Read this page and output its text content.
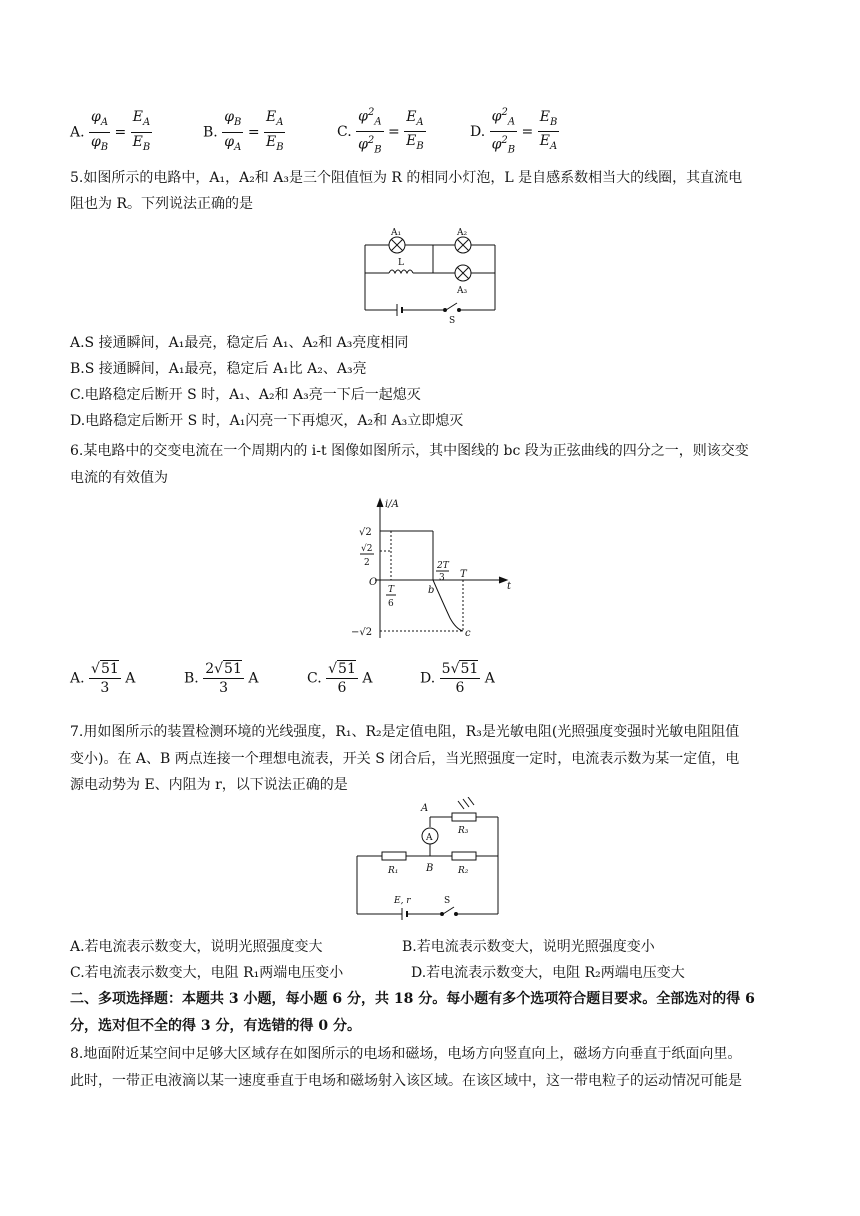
A. $\frac{\varphi_A}{\varphi_B} = \frac{E_A}{E_B}$	B. $\frac{\varphi_B}{\varphi_A} = \frac{E_A}{E_B}$	C. $\frac{\varphi^2_A}{\varphi^2_B} = \frac{E_A}{E_B}$	D. $\frac{\varphi^2_A}{\varphi^2_B} = \frac{E_B}{E_A}$
5.如图所示的电路中，A₁，A₂和 A₃是三个阻值恒为 R 的相同小灯泡，L 是自感系数相当大的线圈，其直流电
阻也为 R。下列说法正确的是
A₁	A₂
A₃
L
S
A.S 接通瞬间，A₁最亮，稳定后 A₁、A₂和 A₃亮度相同
B.S 接通瞬间，A₁最亮，稳定后 A₁比 A₂、A₃亮
C.电路稳定后断开 S 时，A₁、A₂和 A₃亮一下后一起熄灭
D.电路稳定后断开 S 时，A₁闪亮一下再熄灭，A₂和 A₃立即熄灭
6.某电路中的交变电流在一个周期内的 i-t 图像如图所示，其中图线的 bc 段为正弦曲线的四分之一，则该交变
电流的有效值为
i/A
t
O
√2
√2
2
T
6
2T
3 T
b
c
−√2
A. $\frac{√51}{3}$ A	B. $\frac{2√51}{3}$ A	C. $\frac{√51}{6}$ A	D. $\frac{5√51}{6}$ A
7.用如图所示的装置检测环境的光线强度，R₁、R₂是定值电阻，R₃是光敏电阻(光照强度变强时光敏电阻阻值
变小)。在 A、B 两点连接一个理想电流表，开关 S 闭合后，当光照强度一定时，电流表示数为某一定值，电
源电动势为 E、内阻为 r，以下说法正确的是
A
A
B
R₁	R₂
R₃
E, r	S
A.若电流表示数变大，说明光照强度变大	B.若电流表示数变大，说明光照强度变小
C.若电流表示数变大，电阻 R₁两端电压变小	D.若电流表示数变大，电阻 R₂两端电压变大
二、多项选择题：本题共 3 小题，每小题 6 分，共 18 分。每小题有多个选项符合题目要求。全部选对的得 6
分，选对但不全的得 3 分，有选错的得 0 分。
8.地面附近某空间中足够大区域存在如图所示的电场和磁场，电场方向竖直向上，磁场方向垂直于纸面向里。
此时，一带正电液滴以某一速度垂直于电场和磁场射入该区域。在该区域中，这一带电粒子的运动情况可能是
